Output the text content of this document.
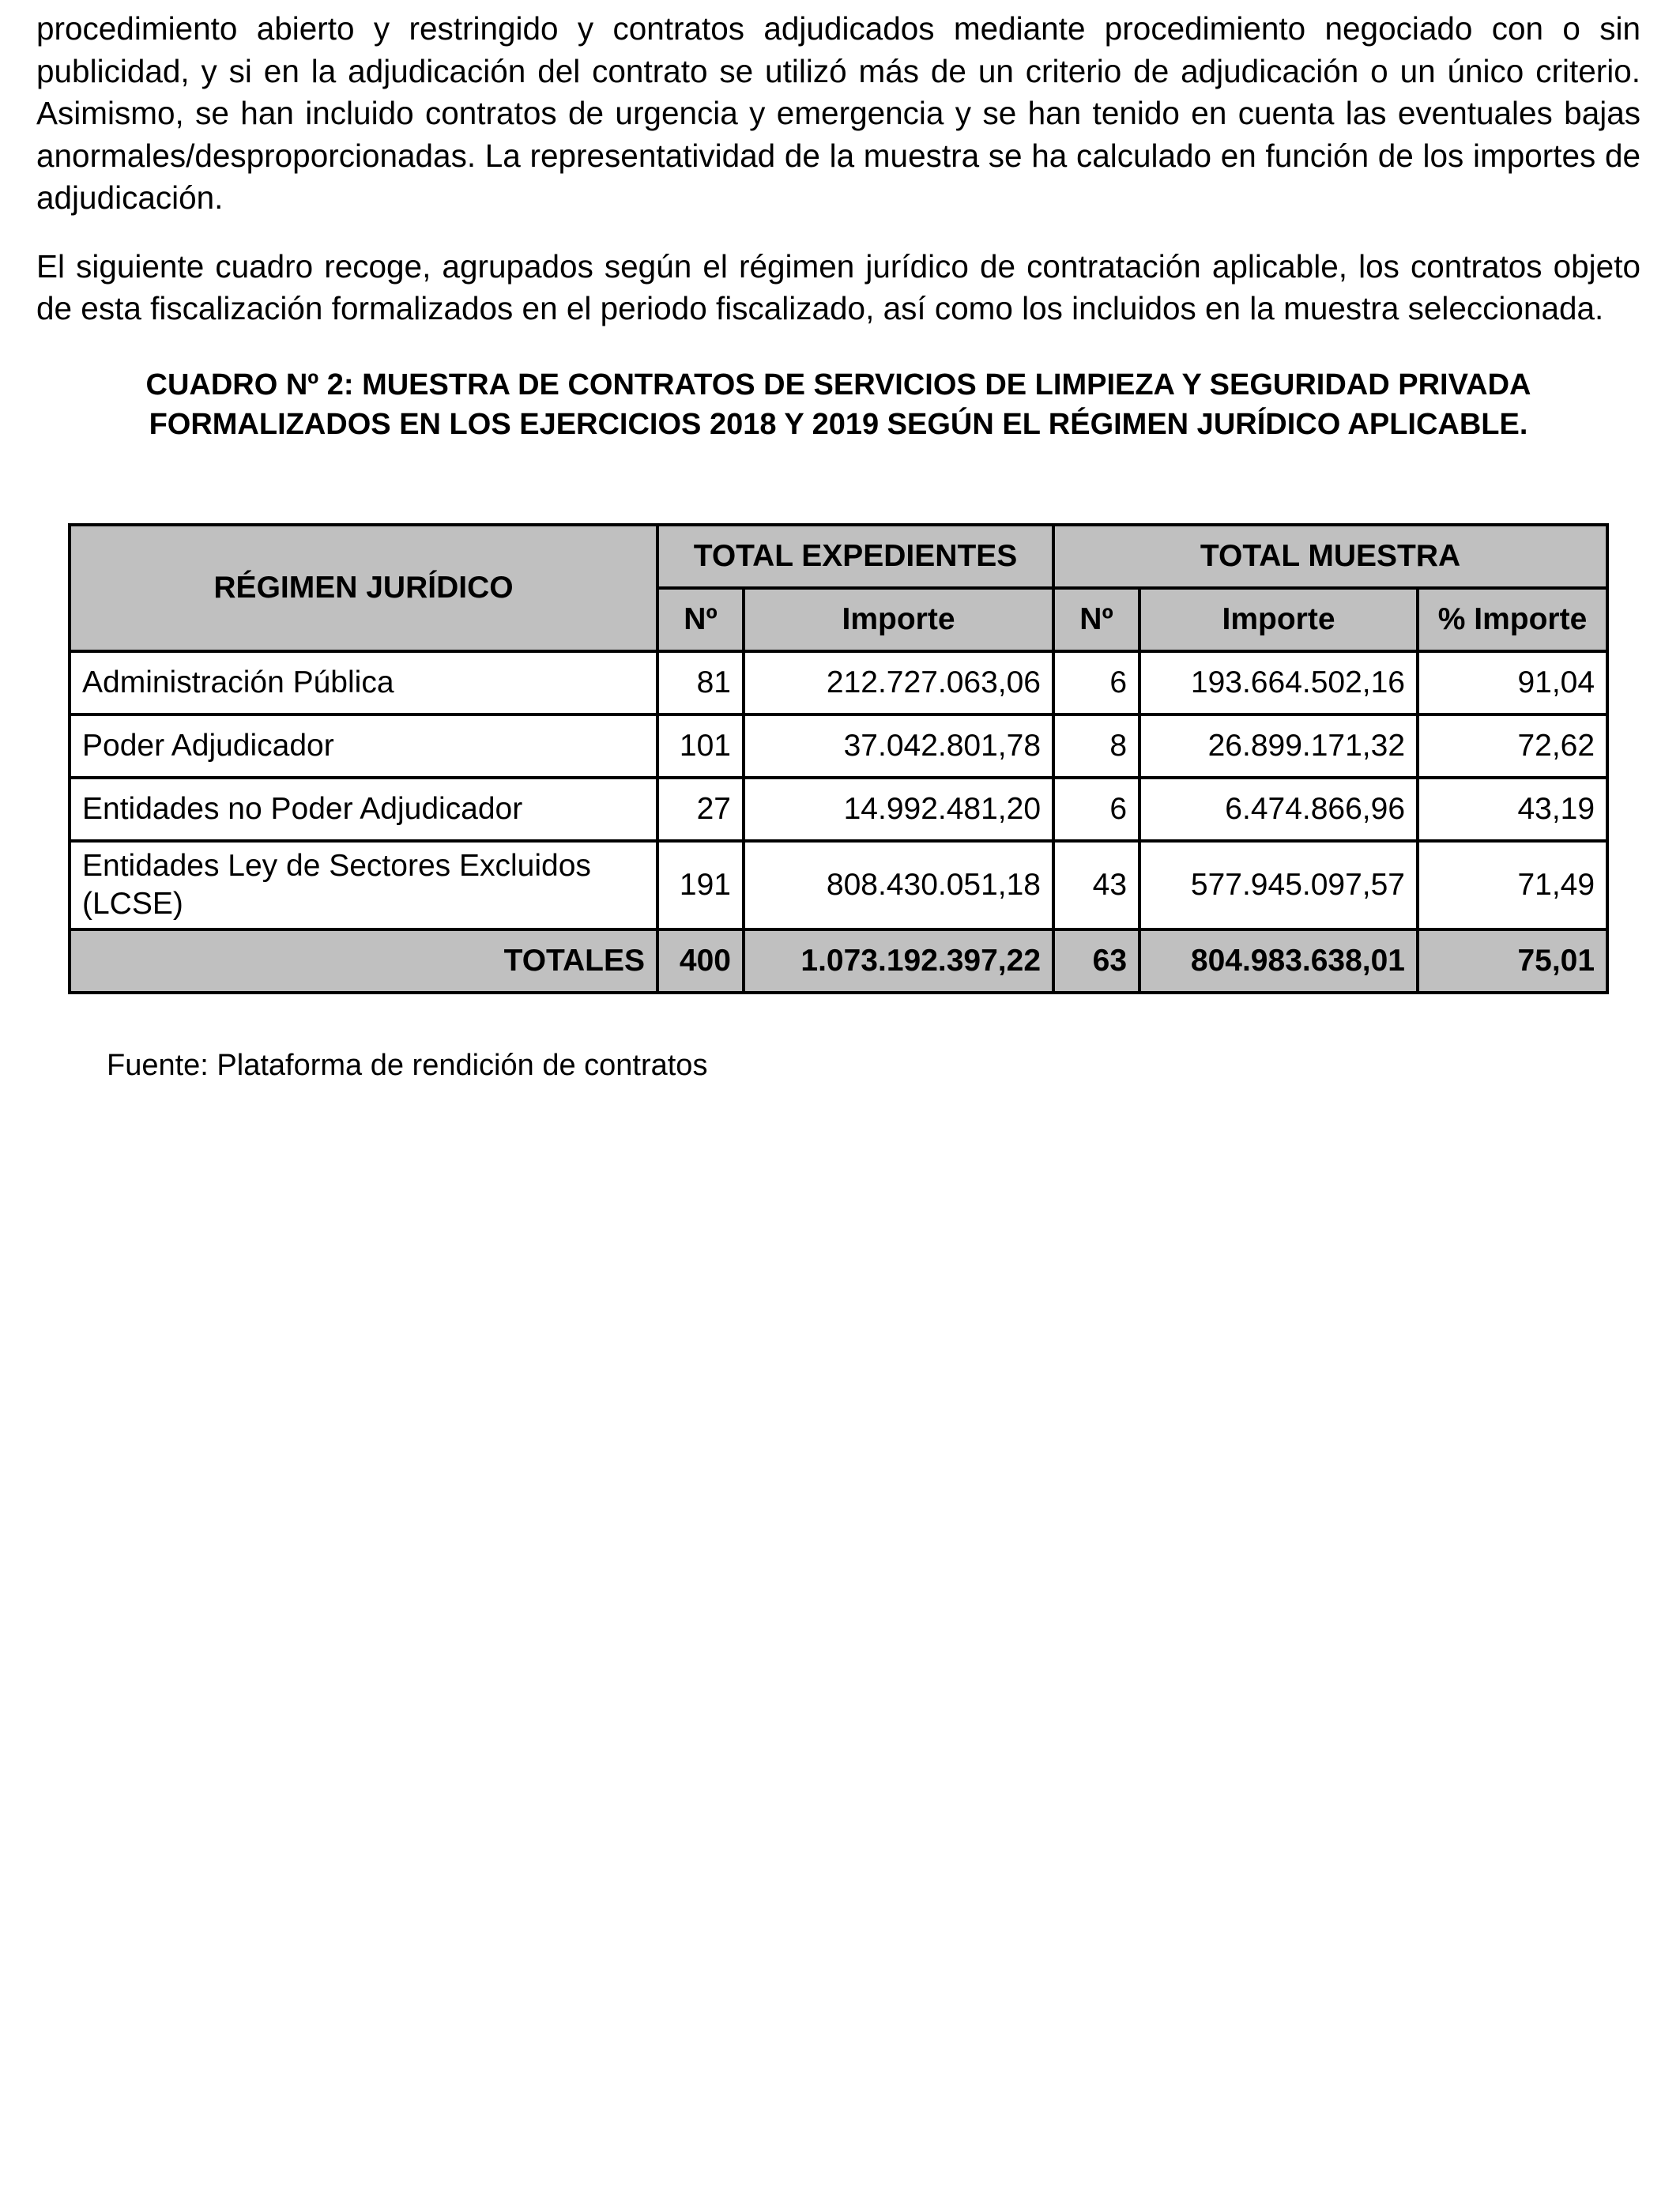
procedimiento abierto y restringido y contratos adjudicados mediante procedimiento negociado con o sin publicidad, y si en la adjudicación del contrato se utilizó más de un criterio de adjudicación o un único criterio. Asimismo, se han incluido contratos de urgencia y emergencia y se han tenido en cuenta las eventuales bajas anormales/desproporcionadas. La representatividad de la muestra se ha calculado en función de los importes de adjudicación.

El siguiente cuadro recoge, agrupados según el régimen jurídico de contratación aplicable, los contratos objeto de esta fiscalización formalizados en el periodo fiscalizado, así como los incluidos en la muestra seleccionada.

CUADRO Nº 2: MUESTRA DE CONTRATOS DE SERVICIOS DE LIMPIEZA Y SEGURIDAD PRIVADA
FORMALIZADOS EN LOS EJERCICIOS 2018 Y 2019 SEGÚN EL RÉGIMEN JURÍDICO APLICABLE.
RÉGIMEN JURÍDICO	TOTAL EXPEDIENTES		TOTAL MUESTRA		
	Nº	Importe	Nº	Importe	% Importe
Administración Pública	81	212.727.063,06	6	193.664.502,16	91,04
Poder Adjudicador	101	37.042.801,78	8	26.899.171,32	72,62
Entidades no Poder Adjudicador	27	14.992.481,20	6	6.474.866,96	43,19
Entidades Ley de Sectores Excluidos (LCSE)	191	808.430.051,18	43	577.945.097,57	71,49
TOTALES	400	1.073.192.397,22	63	804.983.638,01	75,01
Fuente: Plataforma de rendición de contratos
